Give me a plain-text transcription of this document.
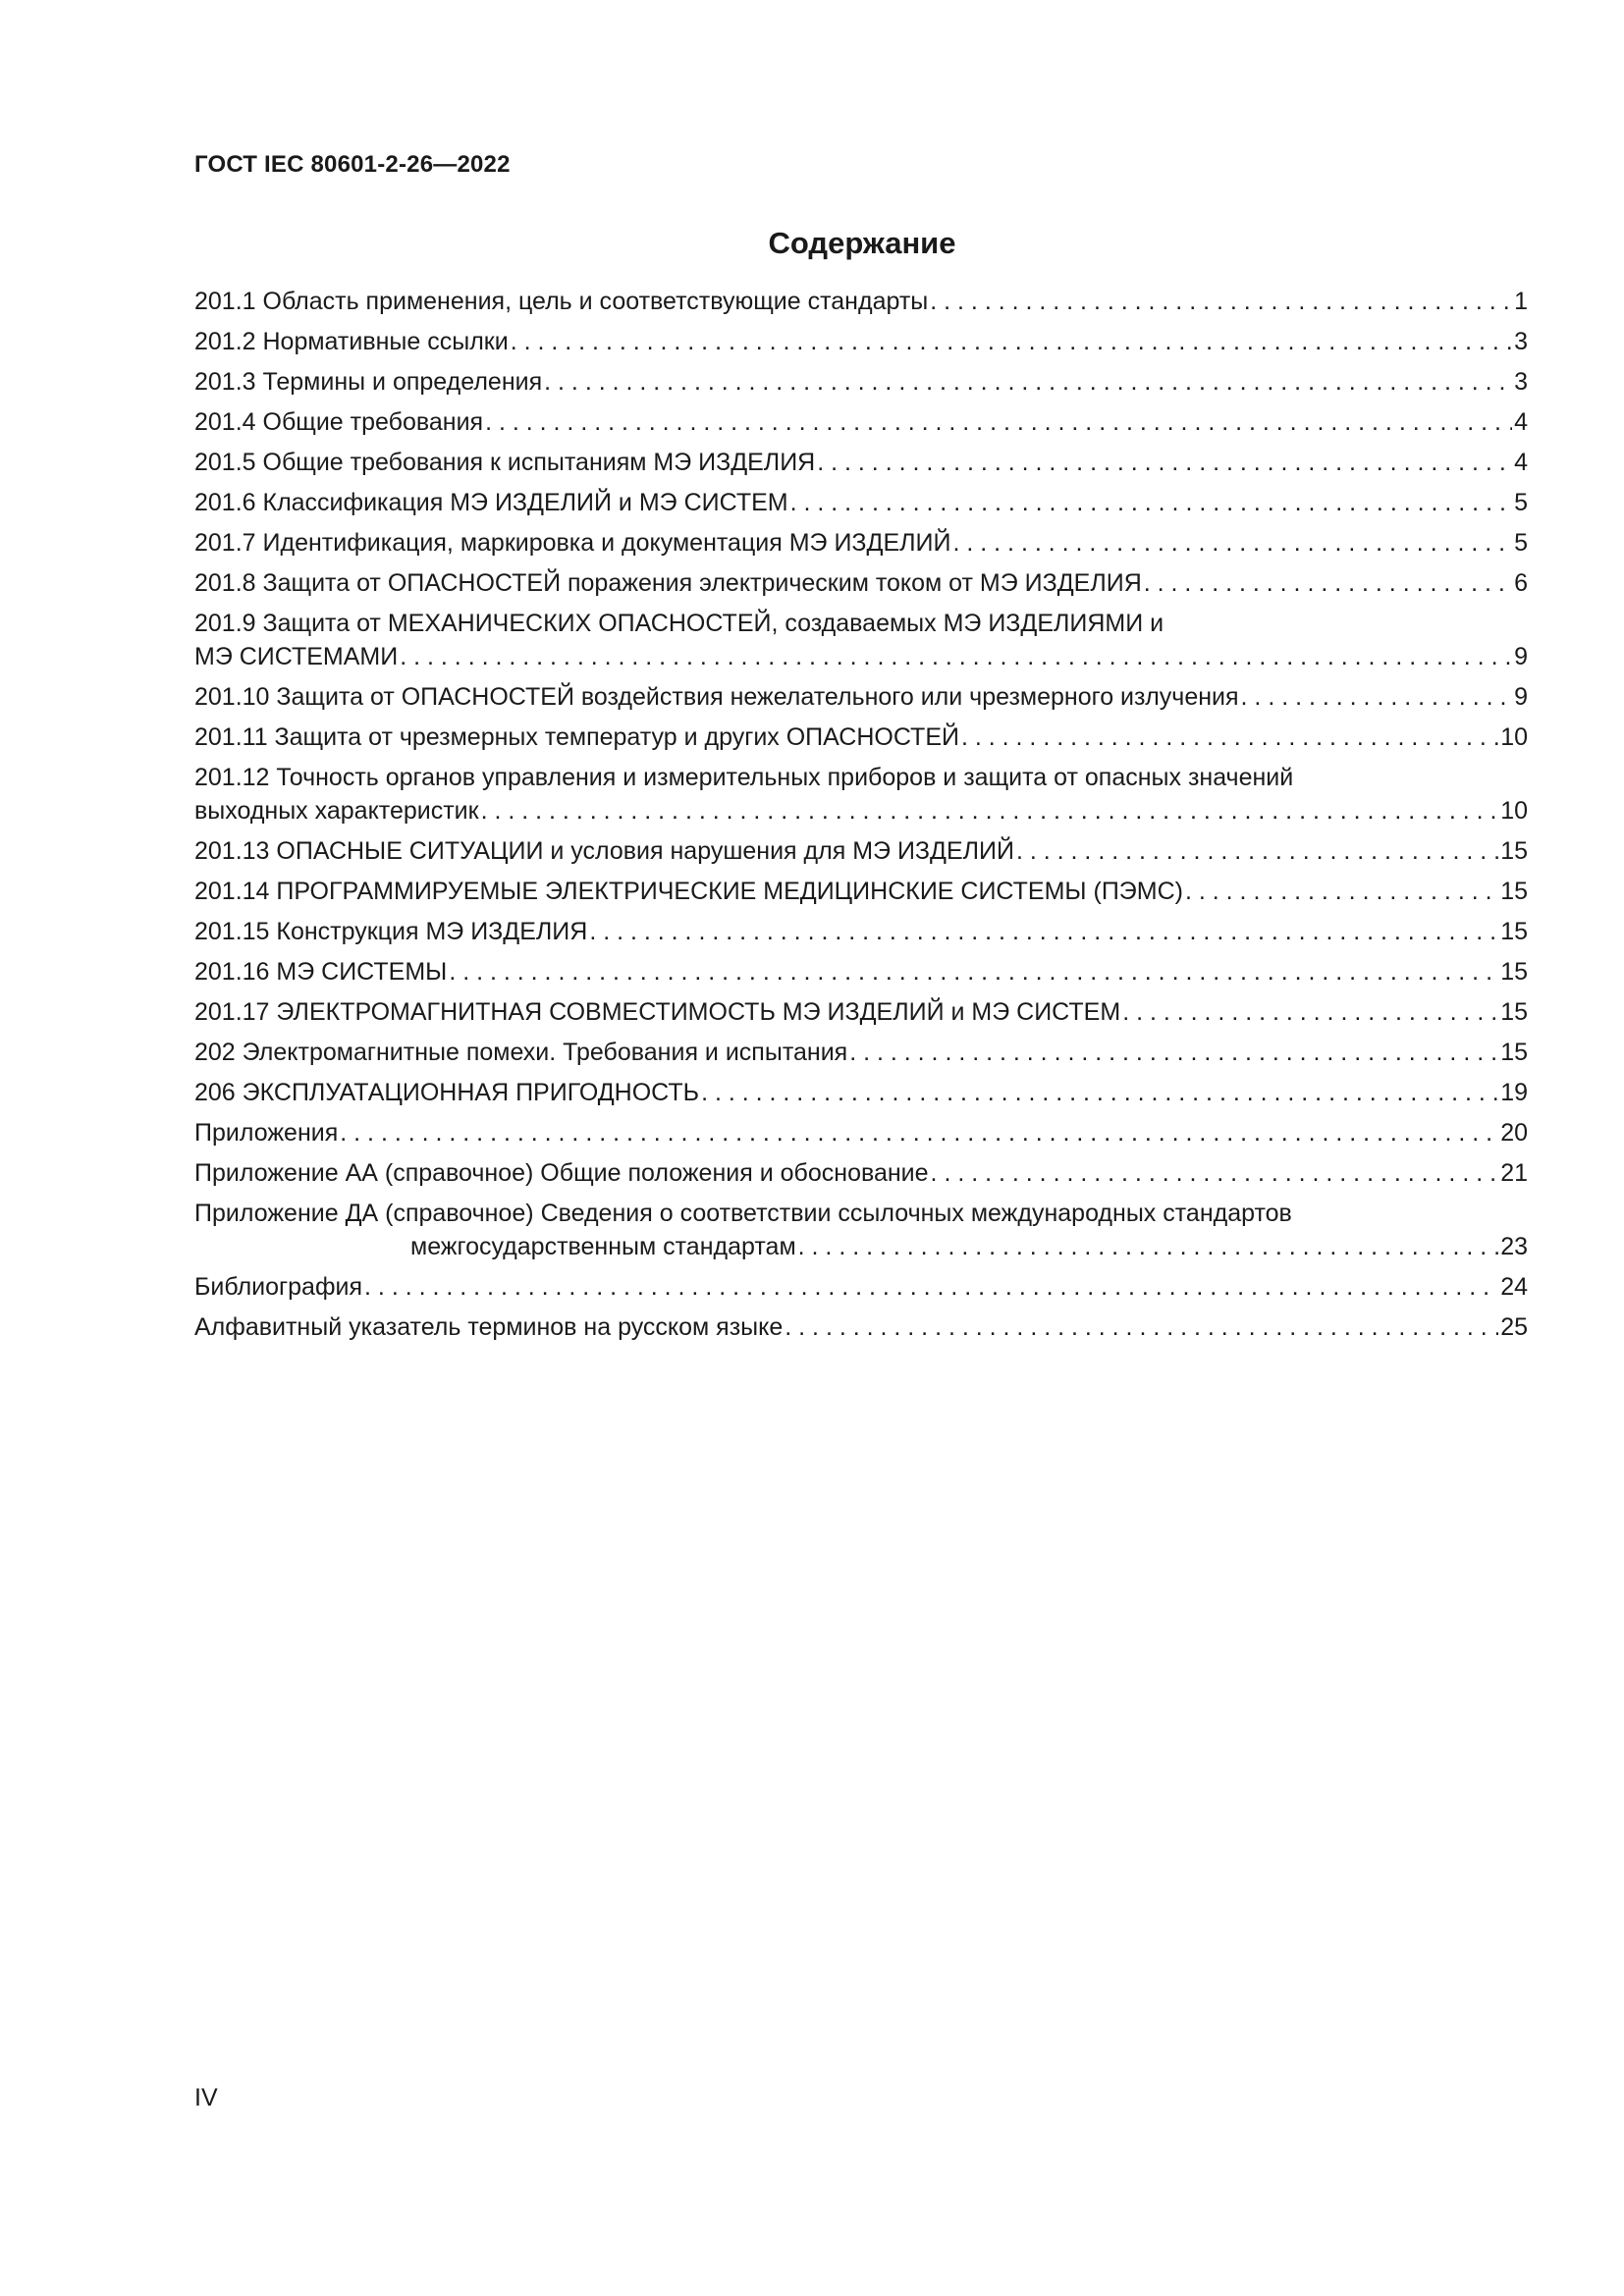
ГОСТ IEC 80601-2-26—2022
Содержание
201.1 Область применения, цель и соответствующие стандарты . . .	1
201.2 Нормативные ссылки . . .	3
201.3 Термины и определения . . .	3
201.4 Общие требования . . .	4
201.5 Общие требования к испытаниям МЭ ИЗДЕЛИЯ . . .	4
201.6 Классификация МЭ ИЗДЕЛИЙ и МЭ СИСТЕМ . . .	5
201.7 Идентификация, маркировка и документация МЭ ИЗДЕЛИЙ . . .	5
201.8 Защита от ОПАСНОСТЕЙ поражения электрическим током от МЭ ИЗДЕЛИЯ . . .	6
201.9 Защита от МЕХАНИЧЕСКИХ ОПАСНОСТЕЙ, создаваемых МЭ ИЗДЕЛИЯМИ и
МЭ СИСТЕМАМИ . . .	9
201.10 Защита от ОПАСНОСТЕЙ воздействия нежелательного или чрезмерного излучения . . .	9
201.11 Защита от чрезмерных температур и других ОПАСНОСТЕЙ . . .	10
201.12 Точность органов управления и измерительных приборов и защита от опасных значений
выходных характеристик . . .	10
201.13 ОПАСНЫЕ СИТУАЦИИ и условия нарушения для МЭ ИЗДЕЛИЙ . . .	15
201.14 ПРОГРАММИРУЕМЫЕ ЭЛЕКТРИЧЕСКИЕ МЕДИЦИНСКИЕ СИСТЕМЫ (ПЭМС) . . .	15
201.15 Конструкция МЭ ИЗДЕЛИЯ . . .	15
201.16 МЭ СИСТЕМЫ . . .	15
201.17 ЭЛЕКТРОМАГНИТНАЯ СОВМЕСТИМОСТЬ МЭ ИЗДЕЛИЙ и МЭ СИСТЕМ . . .	15
202 Электромагнитные помехи. Требования и испытания . . .	15
206 ЭКСПЛУАТАЦИОННАЯ ПРИГОДНОСТЬ . . .	19
Приложения . . .	20
Приложение АА (справочное) Общие положения и обоснование . . .	21
Приложение ДА (справочное) Сведения о соответствии ссылочных международных стандартов
межгосударственным стандартам . . .	23
Библиография . . .	24
Алфавитный указатель терминов на русском языке . . .	25
IV
